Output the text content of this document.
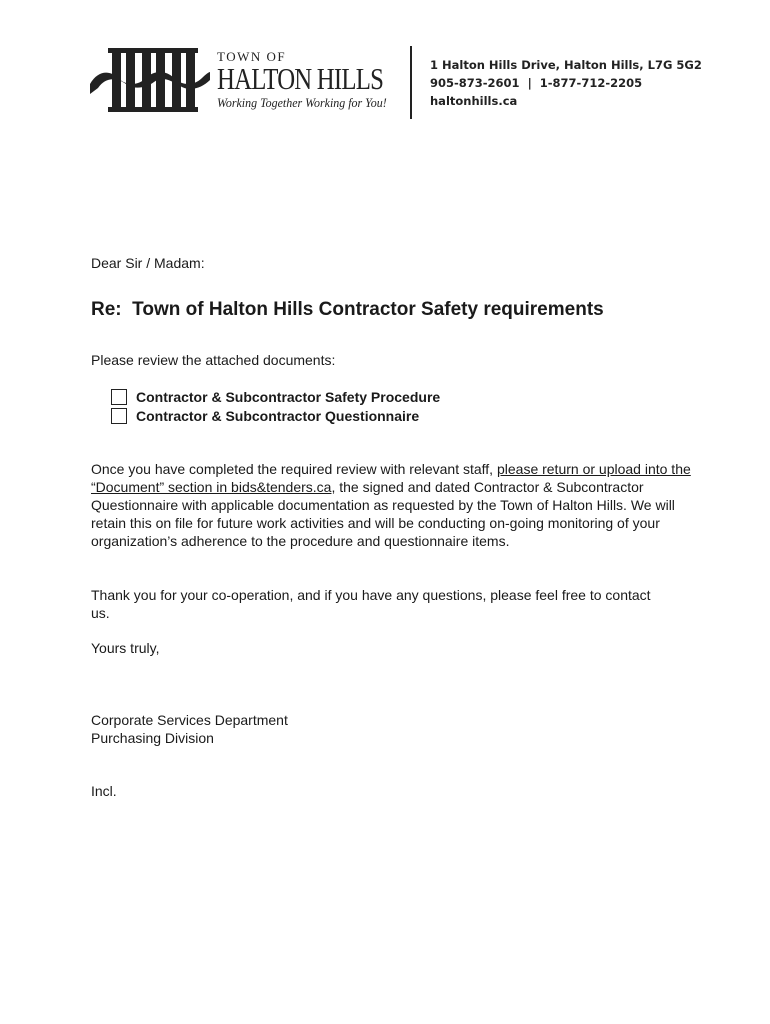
TOWN OF
HALTON HILLS
Working Together Working for You!
1 Halton Hills Drive, Halton Hills, L7G 5G2
905-873-2601  |  1-877-712-2205
haltonhills.ca
Dear Sir / Madam:
Re:  Town of Halton Hills Contractor Safety requirements
Please review the attached documents:
Contractor & Subcontractor Safety Procedure
Contractor & Subcontractor Questionnaire
Once you have completed the required review with relevant staff, please return or upload into the “Document” section in bids&tenders.ca, the signed and dated Contractor & Subcontractor Questionnaire with applicable documentation as requested by the Town of Halton Hills. We will retain this on file for future work activities and will be conducting on-going monitoring of your organization’s adherence to the procedure and questionnaire items.
Thank you for your co-operation, and if you have any questions, please feel free to contact us.
Yours truly,
Corporate Services Department
Purchasing Division
Incl.
